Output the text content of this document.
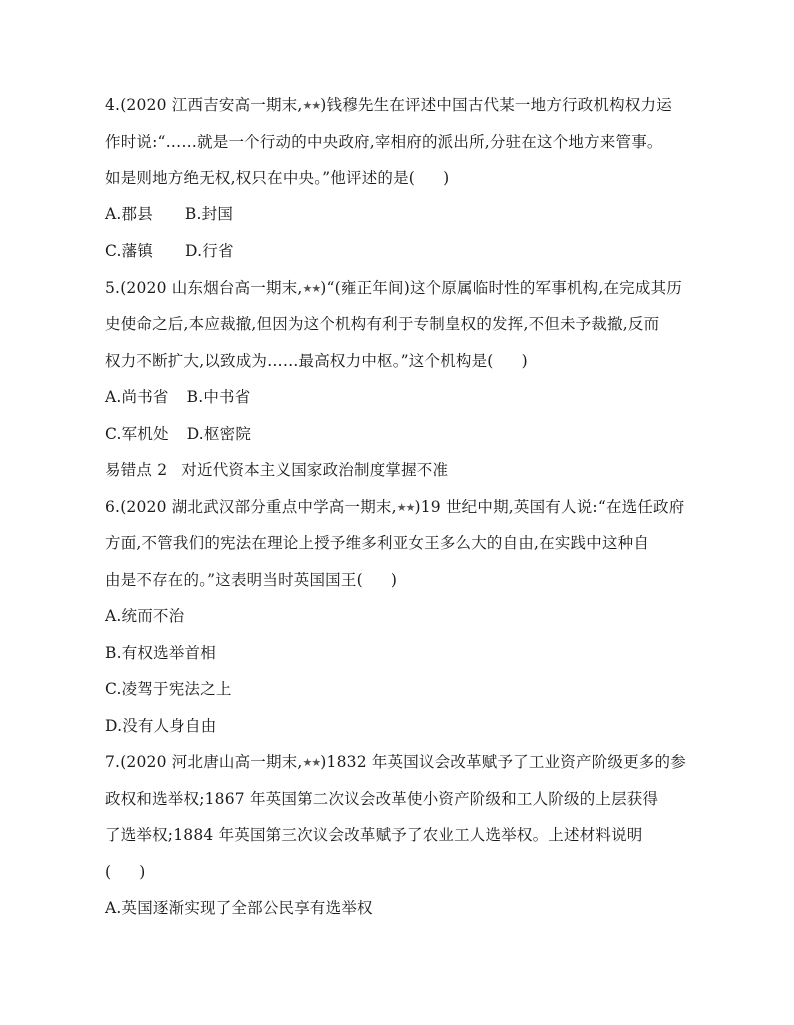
4.(2020 江西吉安高一期末,★★)钱穆先生在评述中国古代某一地方行政机构权力运
作时说:“……就是一个行动的中央政府,宰相府的派出所,分驻在这个地方来管事。
如是则地方绝无权,权只在中央。”他评述的是( )
A.郡县 B.封国
C.藩镇 D.行省
5.(2020 山东烟台高一期末,★★)“(雍正年间)这个原属临时性的军事机构,在完成其历
史使命之后,本应裁撤,但因为这个机构有利于专制皇权的发挥,不但未予裁撤,反而
权力不断扩大,以致成为……最高权力中枢。”这个机构是( )
A.尚书省 B.中书省
C.军机处 D.枢密院
易错点 2 对近代资本主义国家政治制度掌握不准
6.(2020 湖北武汉部分重点中学高一期末,★★)19 世纪中期,英国有人说:“在选任政府
方面,不管我们的宪法在理论上授予维多利亚女王多么大的自由,在实践中这种自
由是不存在的。”这表明当时英国国王( )
A.统而不治
B.有权选举首相
C.凌驾于宪法之上
D.没有人身自由
7.(2020 河北唐山高一期末,★★)1832 年英国议会改革赋予了工业资产阶级更多的参
政权和选举权;1867 年英国第二次议会改革使小资产阶级和工人阶级的上层获得
了选举权;1884 年英国第三次议会改革赋予了农业工人选举权。上述材料说明
( )
A.英国逐渐实现了全部公民享有选举权
